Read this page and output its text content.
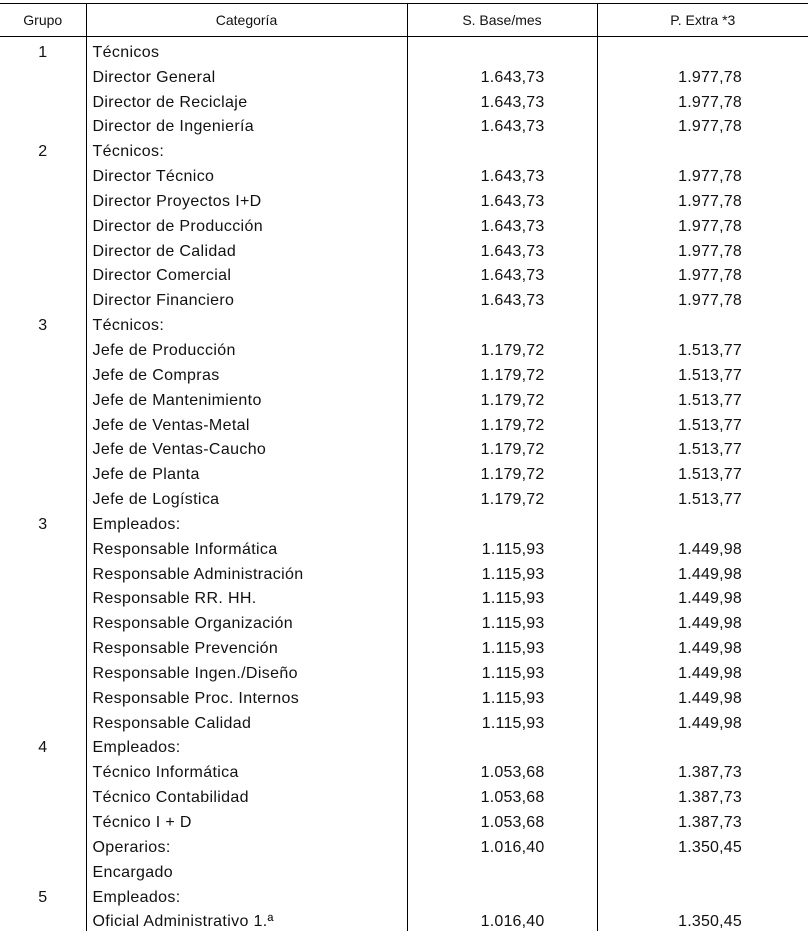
Grupo	Categoría	S. Base/mes	P. Extra *3
1	Técnicos		
	Director General	1.643,73	1.977,78
	Director de Reciclaje	1.643,73	1.977,78
	Director de Ingeniería	1.643,73	1.977,78
2	Técnicos:		
	Director Técnico	1.643,73	1.977,78
	Director Proyectos I+D	1.643,73	1.977,78
	Director de Producción	1.643,73	1.977,78
	Director de Calidad	1.643,73	1.977,78
	Director Comercial	1.643,73	1.977,78
	Director Financiero	1.643,73	1.977,78
3	Técnicos:		
	Jefe de Producción	1.179,72	1.513,77
	Jefe de Compras	1.179,72	1.513,77
	Jefe de Mantenimiento	1.179,72	1.513,77
	Jefe de Ventas-Metal	1.179,72	1.513,77
	Jefe de Ventas-Caucho	1.179,72	1.513,77
	Jefe de Planta	1.179,72	1.513,77
	Jefe de Logística	1.179,72	1.513,77
3	Empleados:		
	Responsable Informática	1.115,93	1.449,98
	Responsable Administración	1.115,93	1.449,98
	Responsable RR. HH.	1.115,93	1.449,98
	Responsable Organización	1.115,93	1.449,98
	Responsable Prevención	1.115,93	1.449,98
	Responsable Ingen./Diseño	1.115,93	1.449,98
	Responsable Proc. Internos	1.115,93	1.449,98
	Responsable Calidad	1.115,93	1.449,98
4	Empleados:		
	Técnico Informática	1.053,68	1.387,73
	Técnico Contabilidad	1.053,68	1.387,73
	Técnico I + D	1.053,68	1.387,73
	Operarios:	1.016,40	1.350,45
	Encargado		
5	Empleados:		
	Oficial Administrativo 1.ª	1.016,40	1.350,45
